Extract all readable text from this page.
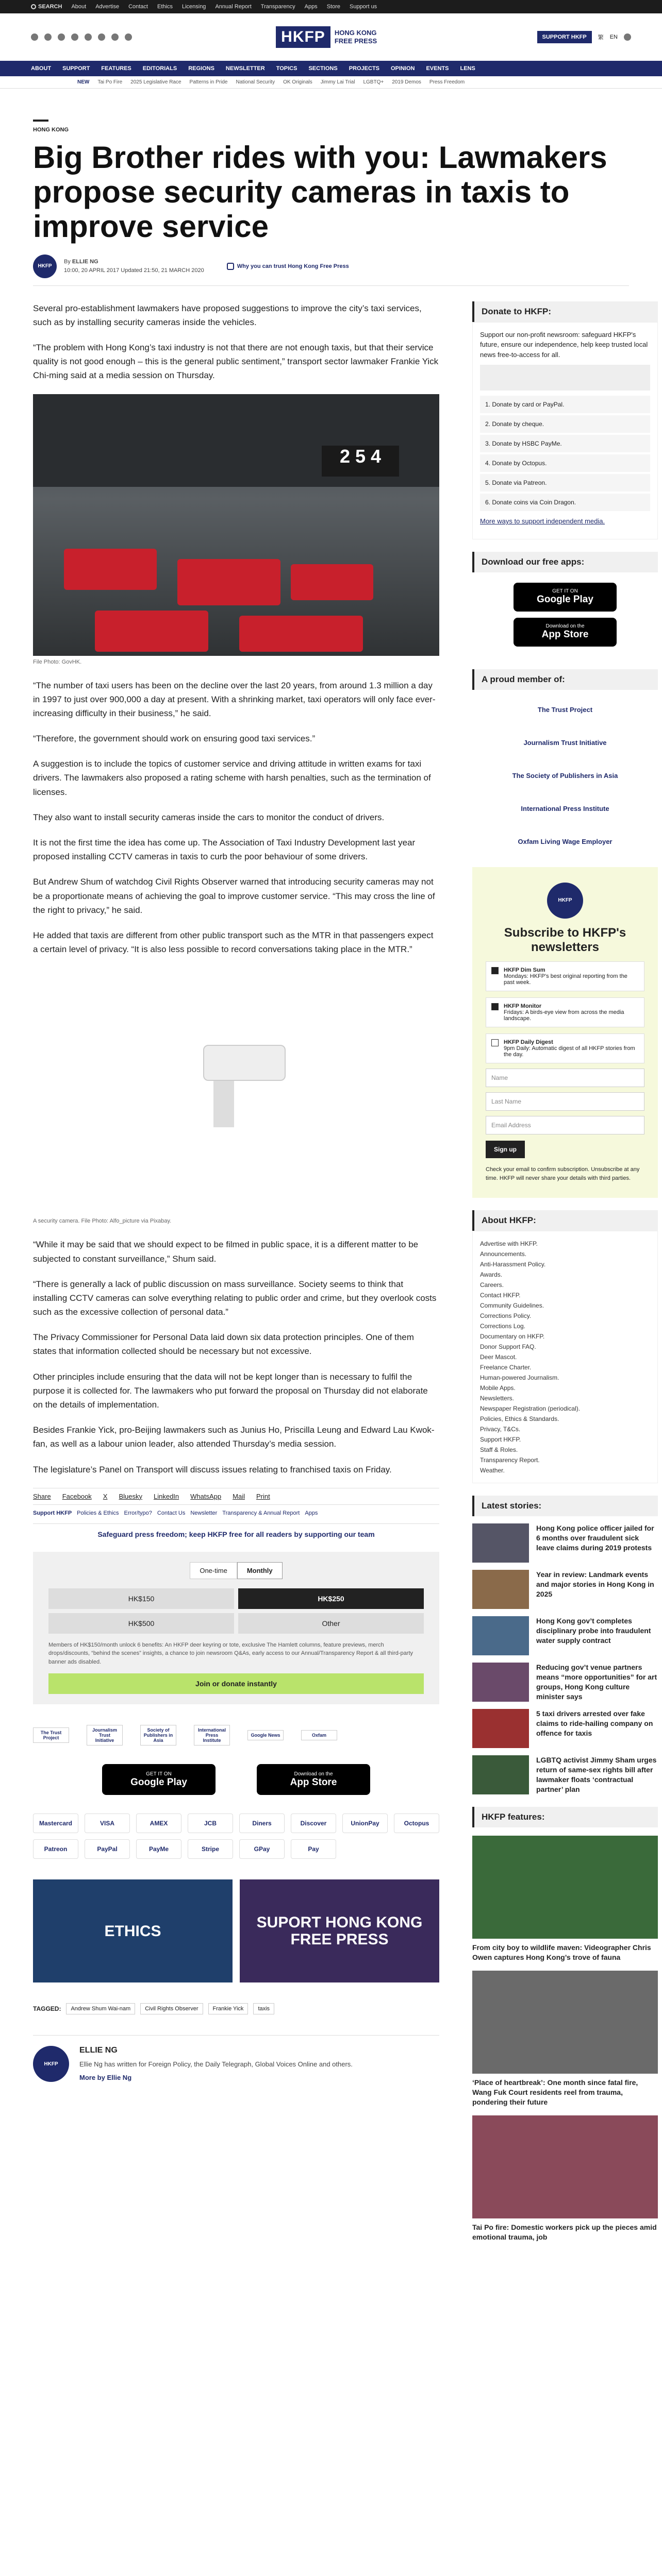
SEARCH About Advertise Contact Ethics Licensing Annual Report Transparency Apps Store Support us
HKFP	HONG KONG FREE PRESS	SUPPORT HKFP	繁 EN
ABOUT SUPPORT FEATURES EDITORIALS REGIONS NEWSLETTER TOPICS SECTIONS PROJECTS OPINION EVENTS LENS
NEW Tai Po Fire 2025 Legislative Race Patterns in Pride National Security OK Originals Jimmy Lai Trial LGBTQ+ 2019 Demos Press Freedom
HONG KONG
Big Brother rides with you: Lawmakers propose security cameras in taxis to improve service
HKFP
By ELLIE NG
10:00, 20 APRIL 2017 Updated 21:50, 21 MARCH 2020
Why you can trust Hong Kong Free Press

Several pro-establishment lawmakers have proposed suggestions to improve the city’s taxi services, such as by installing security cameras inside the vehicles.

“The problem with Hong Kong’s taxi industry is not that there are not enough taxis, but that their service quality is not good enough – this is the general public sentiment,” transport sector lawmaker Frankie Yick Chi-ming said at a media session on Thursday.

2 5 4
File Photo: GovHK.

“The number of taxi users has been on the decline over the last 20 years, from around 1.3 million a day in 1997 to just over 900,000 a day at present. With a shrinking market, taxi operators will only face ever-increasing difficulty in their business,” he said.

“Therefore, the government should work on ensuring good taxi services.”

A suggestion is to include the topics of customer service and driving attitude in written exams for taxi drivers. The lawmakers also proposed a rating scheme with harsh penalties, such as the termination of licenses.

They also want to install security cameras inside the cars to monitor the conduct of drivers.

It is not the first time the idea has come up. The Association of Taxi Industry Development last year proposed installing CCTV cameras in taxis to curb the poor behaviour of some drivers.

But Andrew Shum of watchdog Civil Rights Observer warned that introducing security cameras may not be a proportionate means of achieving the goal to improve customer service. “This may cross the line of the right to privacy,” he said.

He added that taxis are different from other public transport such as the MTR in that passengers expect a certain level of privacy. “It is also less possible to record conversations taking place in the MTR.”

A security camera. File Photo: Alfo_picture via Pixabay.

“While it may be said that we should expect to be filmed in public space, it is a different matter to be subjected to constant surveillance,” Shum said.

“There is generally a lack of public discussion on mass surveillance. Society seems to think that installing CCTV cameras can solve everything relating to public order and crime, but they overlook costs such as the excessive collection of personal data.”

The Privacy Commissioner for Personal Data laid down six data protection principles. One of them states that information collected should be necessary but not excessive.

Other principles include ensuring that the data will not be kept longer than is necessary to fulfil the purpose it is collected for. The lawmakers who put forward the proposal on Thursday did not elaborate on the details of implementation.

Besides Frankie Yick, pro-Beijing lawmakers such as Junius Ho, Priscilla Leung and Edward Lau Kwok-fan, as well as a labour union leader, also attended Thursday’s media session.

The legislature’s Panel on Transport will discuss issues relating to franchised taxis on Friday.

Share Facebook X Bluesky LinkedIn WhatsApp Mail Print
Support HKFP Policies & Ethics Error/typo? Contact Us Newsletter Transparency & Annual Report Apps
Safeguard press freedom; keep HKFP free for all readers by supporting our team
One-time	Monthly
HK$150	HK$250
HK$500	Other
Members of HK$150/month unlock 6 benefits: An HKFP deer keyring or tote, exclusive The Hamlett columns, feature previews, merch drops/discounts, “behind the scenes” insights, a chance to join newsroom Q&As, early access to our Annual/Transparency Report & all third-party banner ads disabled.
Join or donate instantly
The Trust Project
Journalism Trust Initiative
Society of Publishers in Asia
International Press Institute
Google News	Oxfam
GET IT ON
Google Play
Download on the
App Store
Mastercard	VISA	AMEX	JCB	Diners	Discover	UnionPay	Octopus
Patreon	PayPal	PayMe	Stripe	GPay	Pay
ETHICS	SUPORT HONG KONG FREE PRESS
TAGGED:	Andrew Shum Wai-nam	Civil Rights Observer	Frankie Yick	taxis
HKFP
ELLIE NG
Ellie Ng has written for Foreign Policy, the Daily Telegraph, Global Voices Online and others.
More by Ellie Ng
Donate to HKFP:

Support our non-profit newsroom: safeguard HKFP's future, ensure our independence, help keep trusted local news free-to-access for all.

1. Donate by card or PayPal.
2. Donate by cheque.
3. Donate by HSBC PayMe.
4. Donate by Octopus.
5. Donate via Patreon.
6. Donate coins via Coin Dragon.

More ways to support independent media.

Download our free apps:
GET IT ON
Google Play
Download on the
App Store
A proud member of:
The Trust Project
Journalism Trust Initiative
The Society of Publishers in Asia
International Press Institute
Oxfam Living Wage Employer
HKFP
Subscribe to HKFP's newsletters
HKFP Dim Sum
Mondays: HKFP's best original reporting from the past week.
HKFP Monitor
Fridays: A birds-eye view from across the media landscape.
HKFP Daily Digest
9pm Daily: Automatic digest of all HKFP stories from the day.
Name
Last Name
Email Address
Sign up
Check your email to confirm subscription. Unsubscribe at any time. HKFP will never share your details with third parties.
About HKFP:
Advertise with HKFP.
Announcements.
Anti-Harassment Policy.
Awards.
Careers.
Contact HKFP.
Community Guidelines.
Corrections Policy.
Corrections Log.
Documentary on HKFP.
Donor Support FAQ.
Deer Mascot.
Freelance Charter.
Human-powered Journalism.
Mobile Apps.
Newsletters.
Newspaper Registration (periodical).
Policies, Ethics & Standards.
Privacy, T&Cs.
Support HKFP.
Staff & Roles.
Transparency Report.
Weather.
Latest stories:
Hong Kong police officer jailed for 6 months over fraudulent sick leave claims during 2019 protests
Year in review: Landmark events and major stories in Hong Kong in 2025
Hong Kong gov’t completes disciplinary probe into fraudulent water supply contract
Reducing gov’t venue partners means “more opportunities” for art groups, Hong Kong culture minister says
5 taxi drivers arrested over fake claims to ride-hailing company on offence for taxis
LGBTQ activist Jimmy Sham urges return of same-sex rights bill after lawmaker floats ‘contractual partner’ plan
HKFP features:
From city boy to wildlife maven: Videographer Chris Owen captures Hong Kong’s trove of fauna
‘Place of heartbreak’: One month since fatal fire, Wang Fuk Court residents reel from trauma, pondering their future
Tai Po fire: Domestic workers pick up the pieces amid emotional trauma, job
